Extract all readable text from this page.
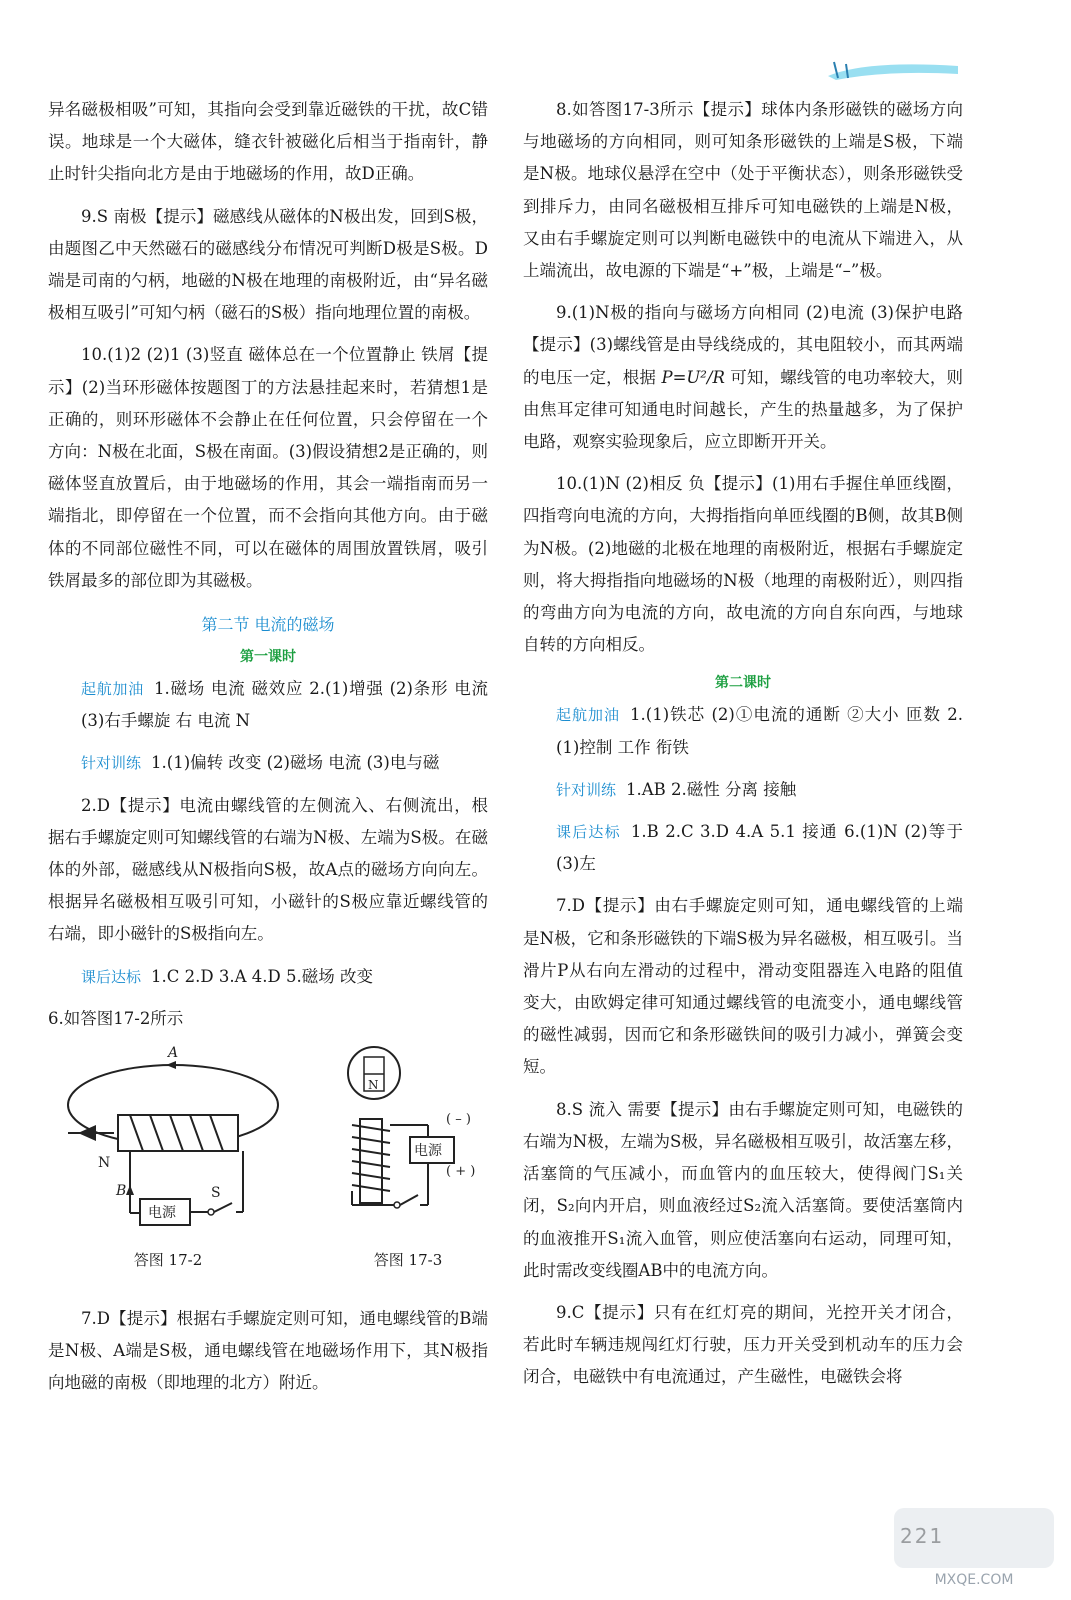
异名磁极相吸”可知，其指向会受到靠近磁铁的干扰，故C错误。地球是一个大磁体，缝衣针被磁化后相当于指南针，静止时针尖指向北方是由于地磁场的作用，故D正确。

9.S 南极【提示】磁感线从磁体的N极出发，回到S极，由题图乙中天然磁石的磁感线分布情况可判断D极是S极。D端是司南的勺柄，地磁的N极在地理的南极附近，由“异名磁极相互吸引”可知勺柄（磁石的S极）指向地理位置的南极。

10.(1)2 (2)1 (3)竖直 磁体总在一个位置静止 铁屑【提示】(2)当环形磁体按题图丁的方法悬挂起来时，若猜想1是正确的，则环形磁体不会静止在任何位置，只会停留在一个方向：N极在北面，S极在南面。(3)假设猜想2是正确的，则磁体竖直放置后，由于地磁场的作用，其会一端指南而另一端指北，即停留在一个位置，而不会指向其他方向。由于磁体的不同部位磁性不同，可以在磁体的周围放置铁屑，吸引铁屑最多的部位即为其磁极。

第二节 电流的磁场
第一课时

起航加油 1.磁场 电流 磁效应 2.(1)增强 (2)条形 电流 (3)右手螺旋 右 电流 N

针对训练 1.(1)偏转 改变 (2)磁场 电流 (3)电与磁

2.D【提示】电流由螺线管的左侧流入、右侧流出，根据右手螺旋定则可知螺线管的右端为N极、左端为S极。在磁体的外部，磁感线从N极指向S极，故A点的磁场方向向左。根据异名磁极相互吸引可知，小磁针的S极应靠近螺线管的右端，即小磁针的S极指向左。

课后达标 1.C 2.D 3.A 4.D 5.磁场 改变

6.如答图17-2所示

A
N
B
电源
S
答图 17-2
N
电源
( – )
( + )
答图 17-3

7.D【提示】根据右手螺旋定则可知，通电螺线管的B端是N极、A端是S极，通电螺线管在地磁场作用下，其N极指向地磁的南极（即地理的北方）附近。

8.如答图17-3所示【提示】球体内条形磁铁的磁场方向与地磁场的方向相同，则可知条形磁铁的上端是S极，下端是N极。地球仪悬浮在空中（处于平衡状态），则条形磁铁受到排斥力，由同名磁极相互排斥可知电磁铁的上端是N极，又由右手螺旋定则可以判断电磁铁中的电流从下端进入，从上端流出，故电源的下端是“+”极，上端是“–”极。

9.(1)N极的指向与磁场方向相同 (2)电流 (3)保护电路【提示】(3)螺线管是由导线绕成的，其电阻较小，而其两端的电压一定，根据 P=U²/R 可知，螺线管的电功率较大，则由焦耳定律可知通电时间越长，产生的热量越多，为了保护电路，观察实验现象后，应立即断开开关。

10.(1)N (2)相反 负【提示】(1)用右手握住单匝线圈，四指弯向电流的方向，大拇指指向单匝线圈的B侧，故其B侧为N极。(2)地磁的北极在地理的南极附近，根据右手螺旋定则，将大拇指指向地磁场的N极（地理的南极附近），则四指的弯曲方向为电流的方向，故电流的方向自东向西，与地球自转的方向相反。

第二课时

起航加油 1.(1)铁芯 (2)①电流的通断 ②大小 匝数 2.(1)控制 工作 衔铁

针对训练 1.AB 2.磁性 分离 接触

课后达标 1.B 2.C 3.D 4.A 5.1 接通 6.(1)N (2)等于 (3)左

7.D【提示】由右手螺旋定则可知，通电螺线管的上端是N极，它和条形磁铁的下端S极为异名磁极，相互吸引。当滑片P从右向左滑动的过程中，滑动变阻器连入电路的阻值变大，由欧姆定律可知通过螺线管的电流变小，通电螺线管的磁性减弱，因而它和条形磁铁间的吸引力减小，弹簧会变短。

8.S 流入 需要【提示】由右手螺旋定则可知，电磁铁的右端为N极，左端为S极，异名磁极相互吸引，故活塞左移，活塞筒的气压减小，而血管内的血压较大，使得阀门S₁关闭，S₂向内开启，则血液经过S₂流入活塞筒。要使活塞筒内的血液推开S₁流入血管，则应使活塞向右运动，同理可知，此时需改变线圈AB中的电流方向。

9.C【提示】只有在红灯亮的期间，光控开关才闭合，若此时车辆违规闯红灯行驶，压力开关受到机动车的压力会闭合，电磁铁中有电流通过，产生磁性，电磁铁会将

MXQE.COM
